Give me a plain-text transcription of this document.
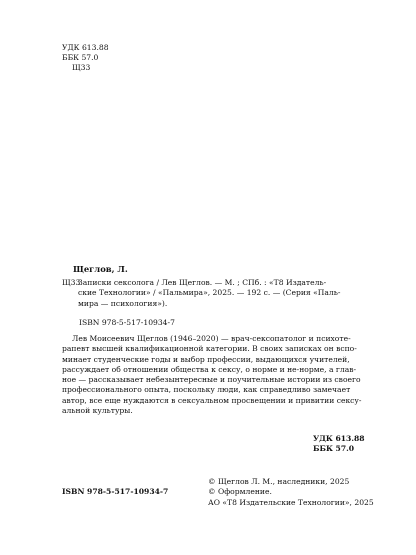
УДК 613.88
ББК 57.0
Щ33
Щеглов, Л.
Щ33
Записки сексолога / Лев Щеглов. — М. ; СПб. : «Т8 Издатель-
ские Технологии» / «Пальмира», 2025. — 192 с. — (Серия «Паль-
мира — психология»).
ISBN 978-5-517-10934-7
Лев Моисеевич Щеглов (1946–2020) — врач-сексопатолог и психоте-
рапевт высшей квалификационной категории. В своих записках он вспо-
минает студенческие годы и выбор профессии, выдающихся учителей,
рассуждает об отношении общества к сексу, о норме и не-норме, а глав-
ное — рассказывает небезынтересные и поучительные истории из своего
профессионального опыта, поскольку люди, как справедливо замечает
автор, все еще нуждаются в сексуальном просвещении и привитии сексу-
альной культуры.
УДК 613.88
ББК 57.0
© Щеглов Л. М., наследники, 2025
© Оформление.
АО «Т8 Издательские Технологии», 2025
ISBN 978-5-517-10934-7
